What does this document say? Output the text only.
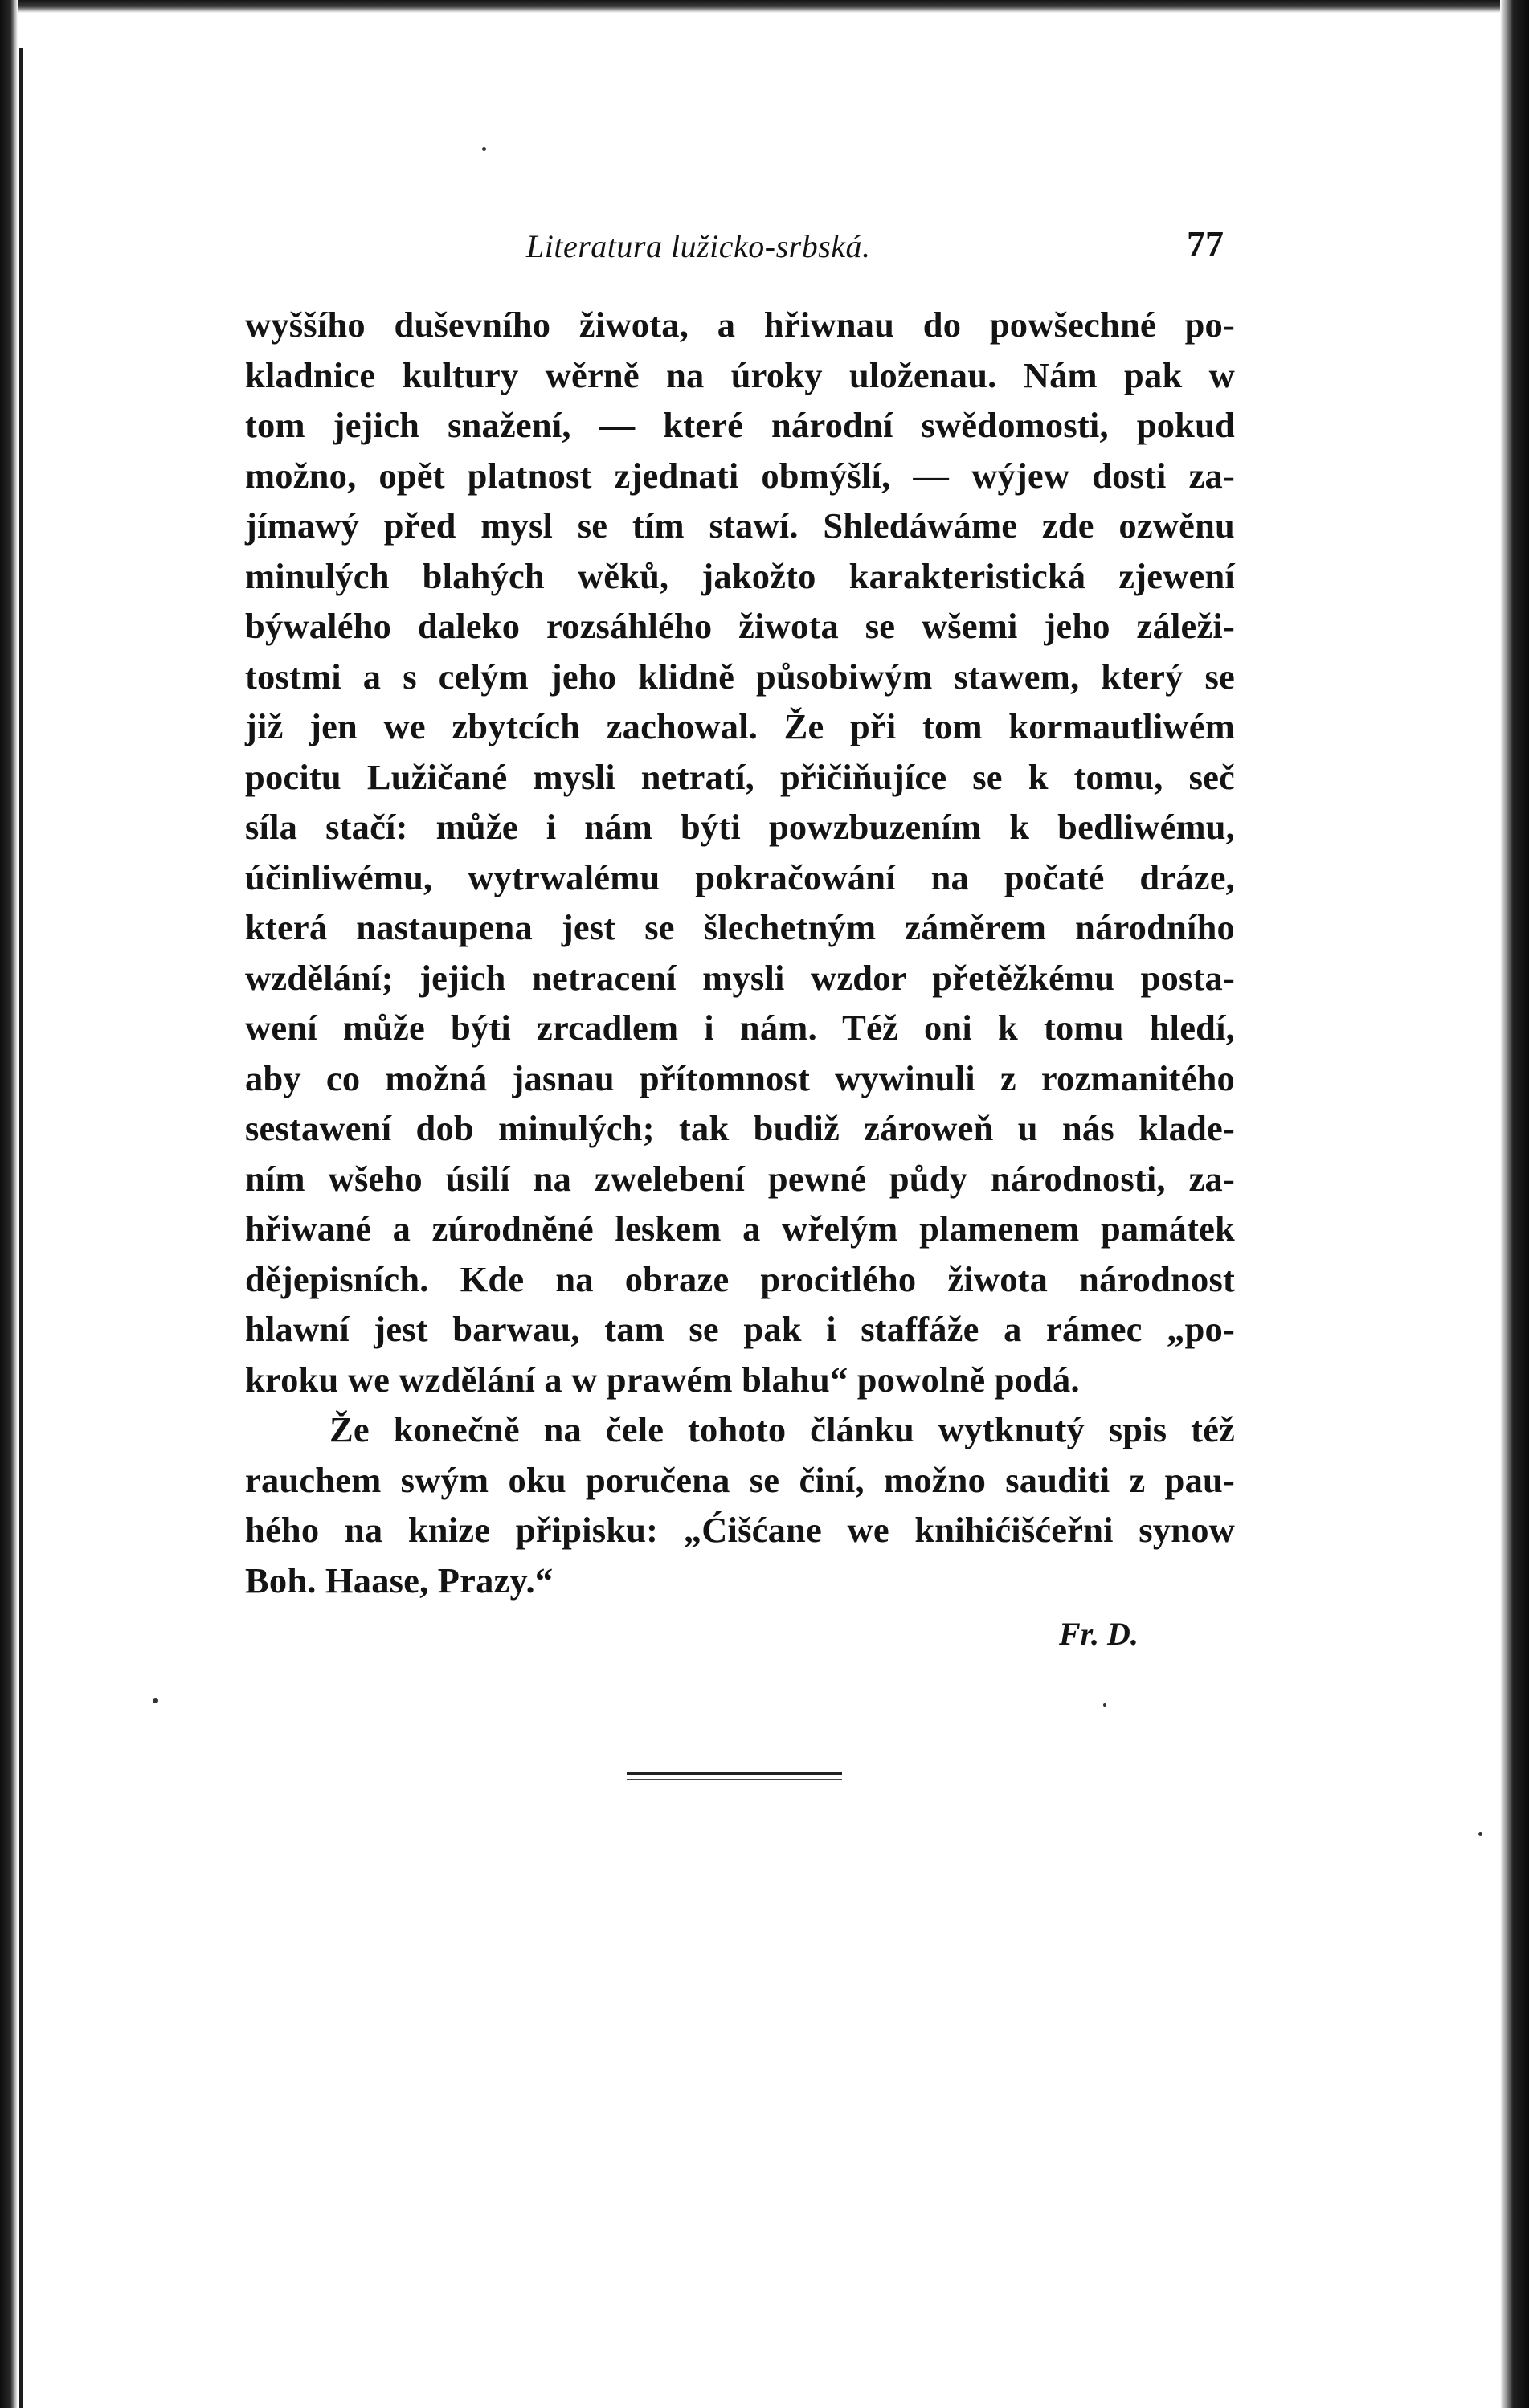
Literatura lužicko-srbská.	77
wyššího duševního žiwota, a hřiwnau do powšechné po-
kladnice kultury wěrně na úroky uloženau. Nám pak w
tom jejich snažení, — které národní swědomosti, pokud
možno, opět platnost zjednati obmýšlí, — wýjew dosti za-
jímawý před mysl se tím stawí. Shledáwáme zde ozwěnu
minulých blahých wěků, jakožto karakteristická zjewení
býwalého daleko rozsáhlého žiwota se wšemi jeho záleži-
tostmi a s celým jeho klidně působiwým stawem, který se
již jen we zbytcích zachowal. Že při tom kormautliwém
pocitu Lužičané mysli netratí, přičiňujíce se k tomu, seč
síla stačí: může i nám býti powzbuzením k bedliwému,
účinliwému, wytrwalému pokračowání na počaté dráze,
která nastaupena jest se šlechetným záměrem národního
wzdělání; jejich netracení mysli wzdor přetěžkému posta-
wení může býti zrcadlem i nám. Též oni k tomu hledí,
aby co možná jasnau přítomnost wywinuli z rozmanitého
sestawení dob minulých; tak budiž zároweň u nás klade-
ním wšeho úsilí na zwelebení pewné půdy národnosti, za-
hřiwané a zúrodněné leskem a wřelým plamenem památek
dějepisních. Kde na obraze procitlého žiwota národnost
hlawní jest barwau, tam se pak i staffáže a rámec „po-
kroku we wzdělání a w prawém blahu“ powolně podá.
Že konečně na čele tohoto článku wytknutý spis též
rauchem swým oku poručena se činí, možno sauditi z pau-
hého na knize připisku: „Ćišćane we knihićišćeřni synow
Boh. Haase, Prazy.“
Fr. D.
